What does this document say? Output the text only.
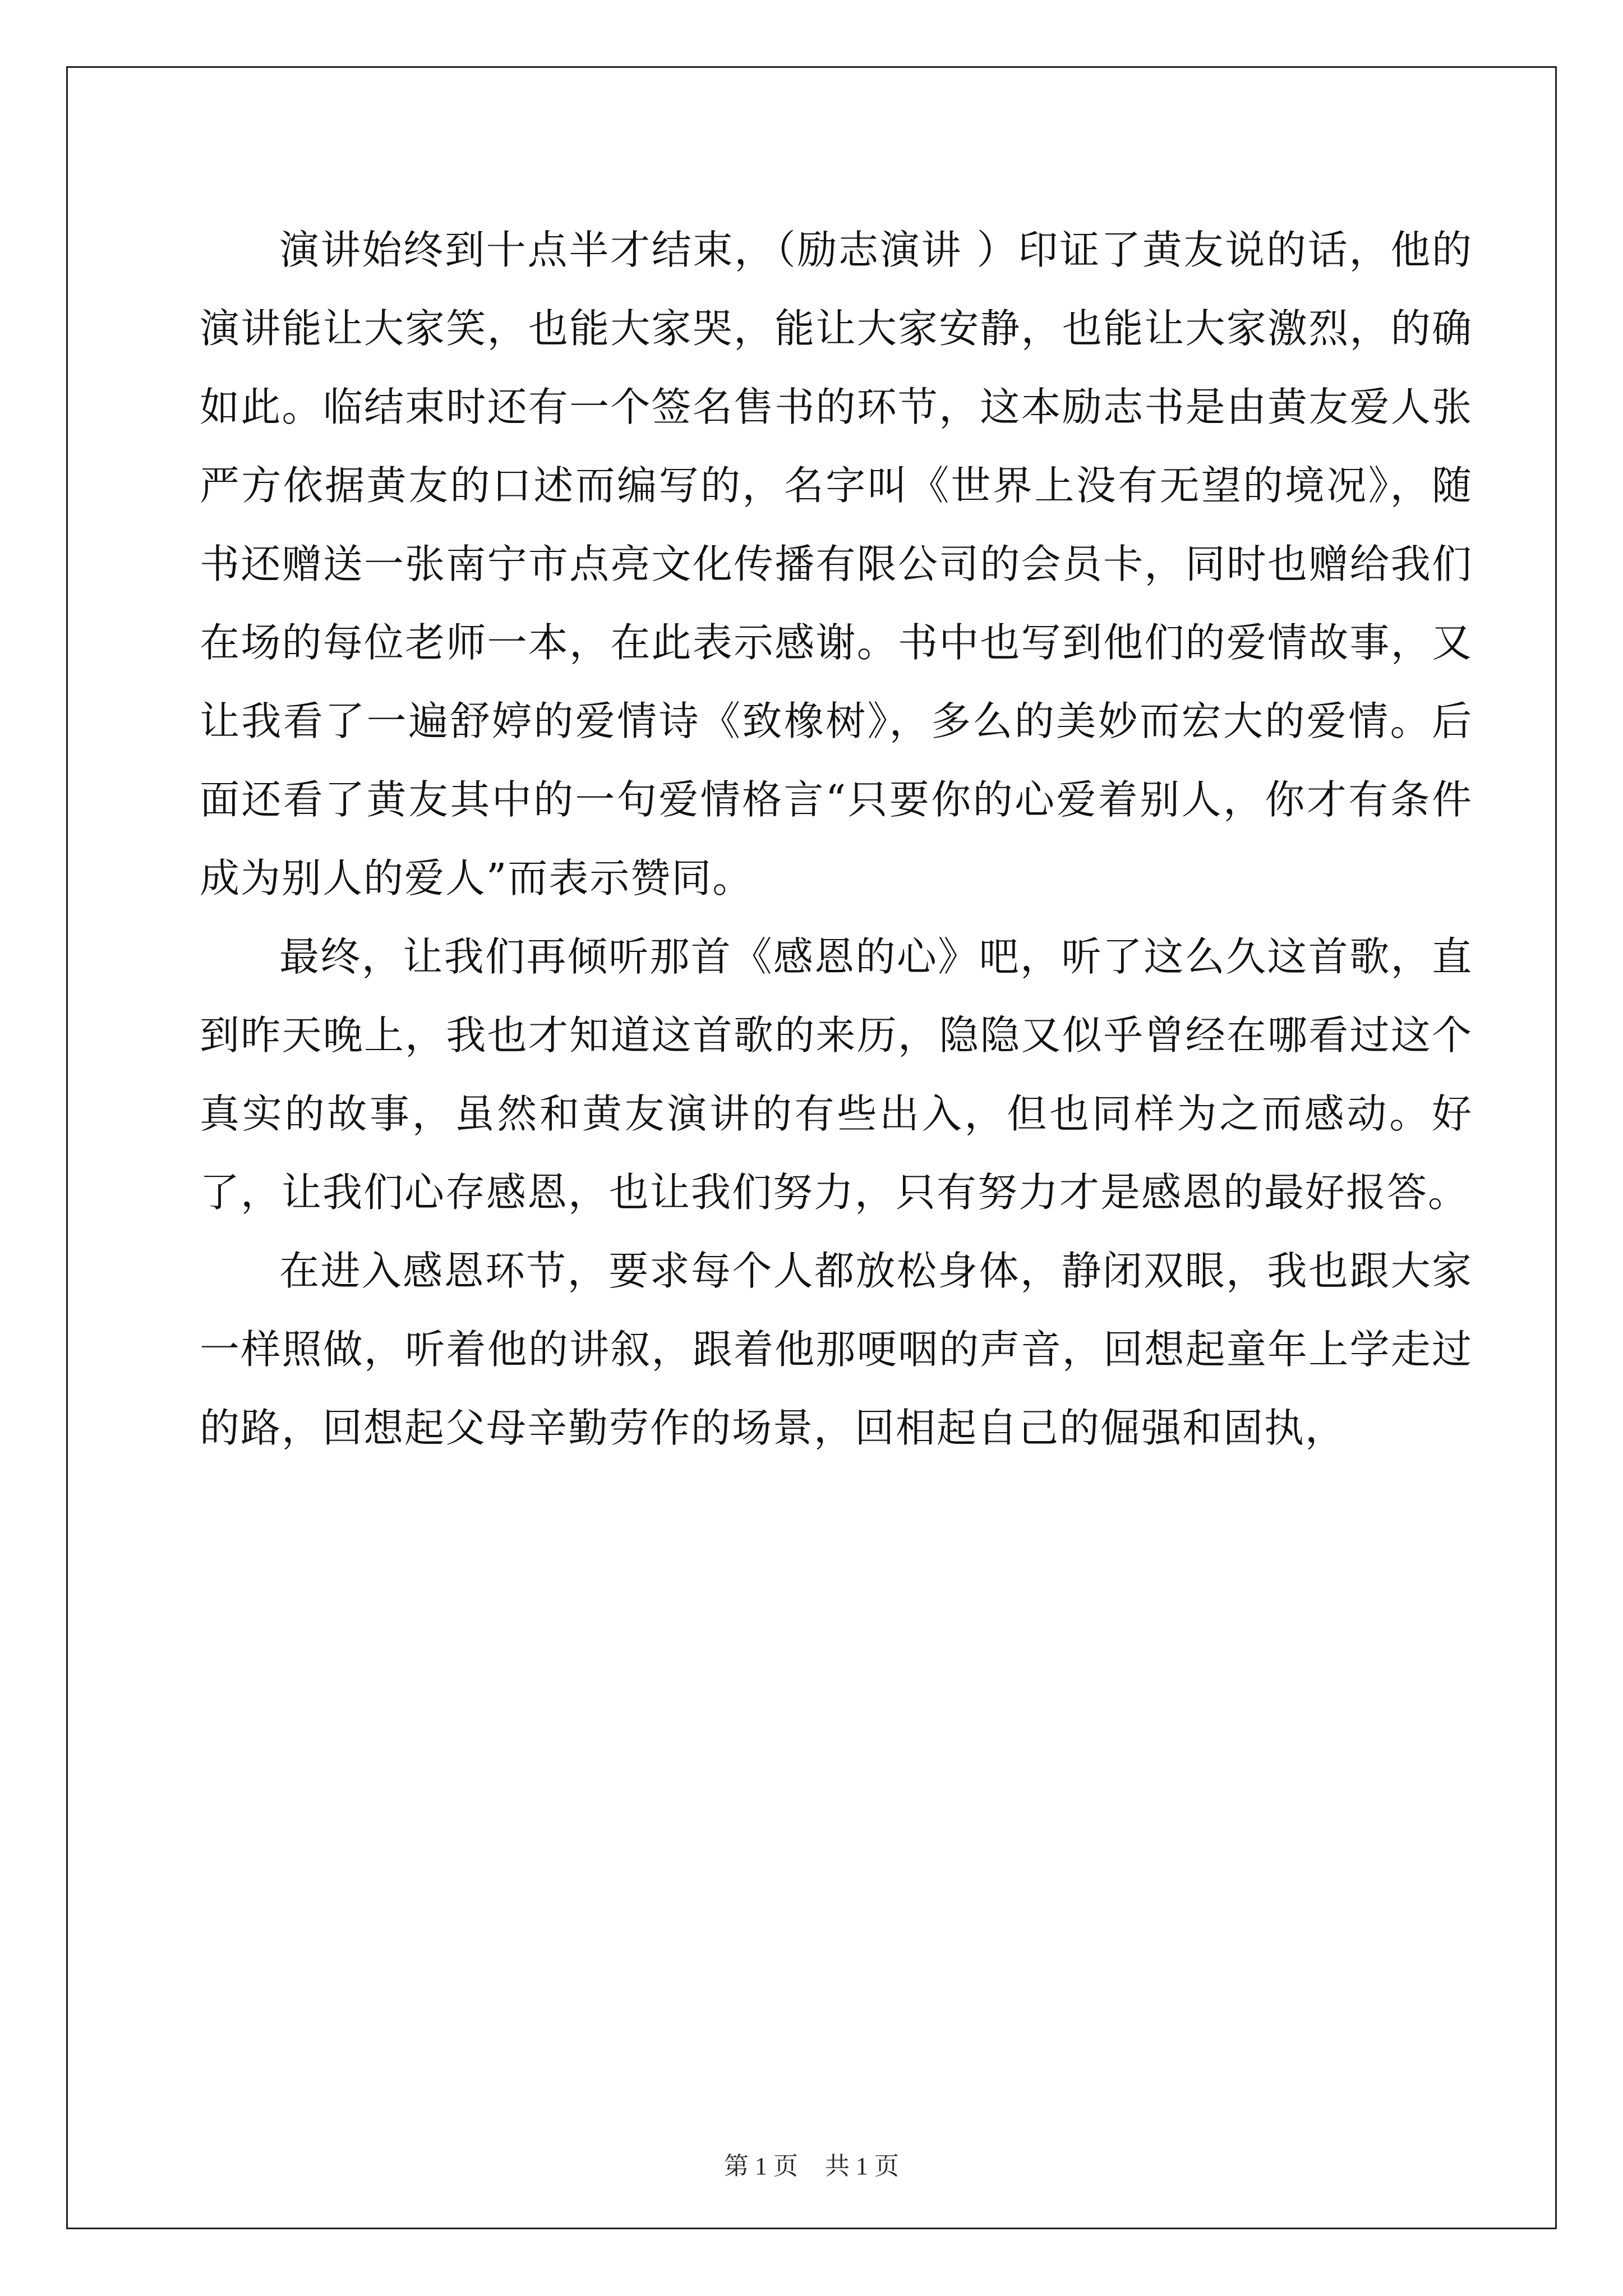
演讲始终到十点半才结束，（励志演讲 ）印证了黄友说的话，他的演讲能让大家笑，也能大家哭，能让大家安静，也能让大家激烈，的确如此。临结束时还有一个签名售书的环节，这本励志书是由黄友爱人张严方依据黄友的口述而编写的，名字叫《世界上没有无望的境况》，随书还赠送一张南宁市点亮文化传播有限公司的会员卡，同时也赠给我们在场的每位老师一本，在此表示感谢。书中也写到他们的爱情故事，又让我看了一遍舒婷的爱情诗《致橡树》，多么的美妙而宏大的爱情。后面还看了黄友其中的一句爱情格言“只要你的心爱着别人，你才有条件成为别人的爱人”而表示赞同。

最终，让我们再倾听那首《感恩的心》吧，听了这么久这首歌，直到昨天晚上，我也才知道这首歌的来历，隐隐又似乎曾经在哪看过这个真实的故事，虽然和黄友演讲的有些出入，但也同样为之而感动。好了，让我们心存感恩，也让我们努力，只有努力才是感恩的最好报答。

在进入感恩环节，要求每个人都放松身体，静闭双眼，我也跟大家一样照做，听着他的讲叙，跟着他那哽咽的声音，回想起童年上学走过的路，回想起父母辛勤劳作的场景，回相起自己的倔强和固执，

第 1 页 共 1 页
